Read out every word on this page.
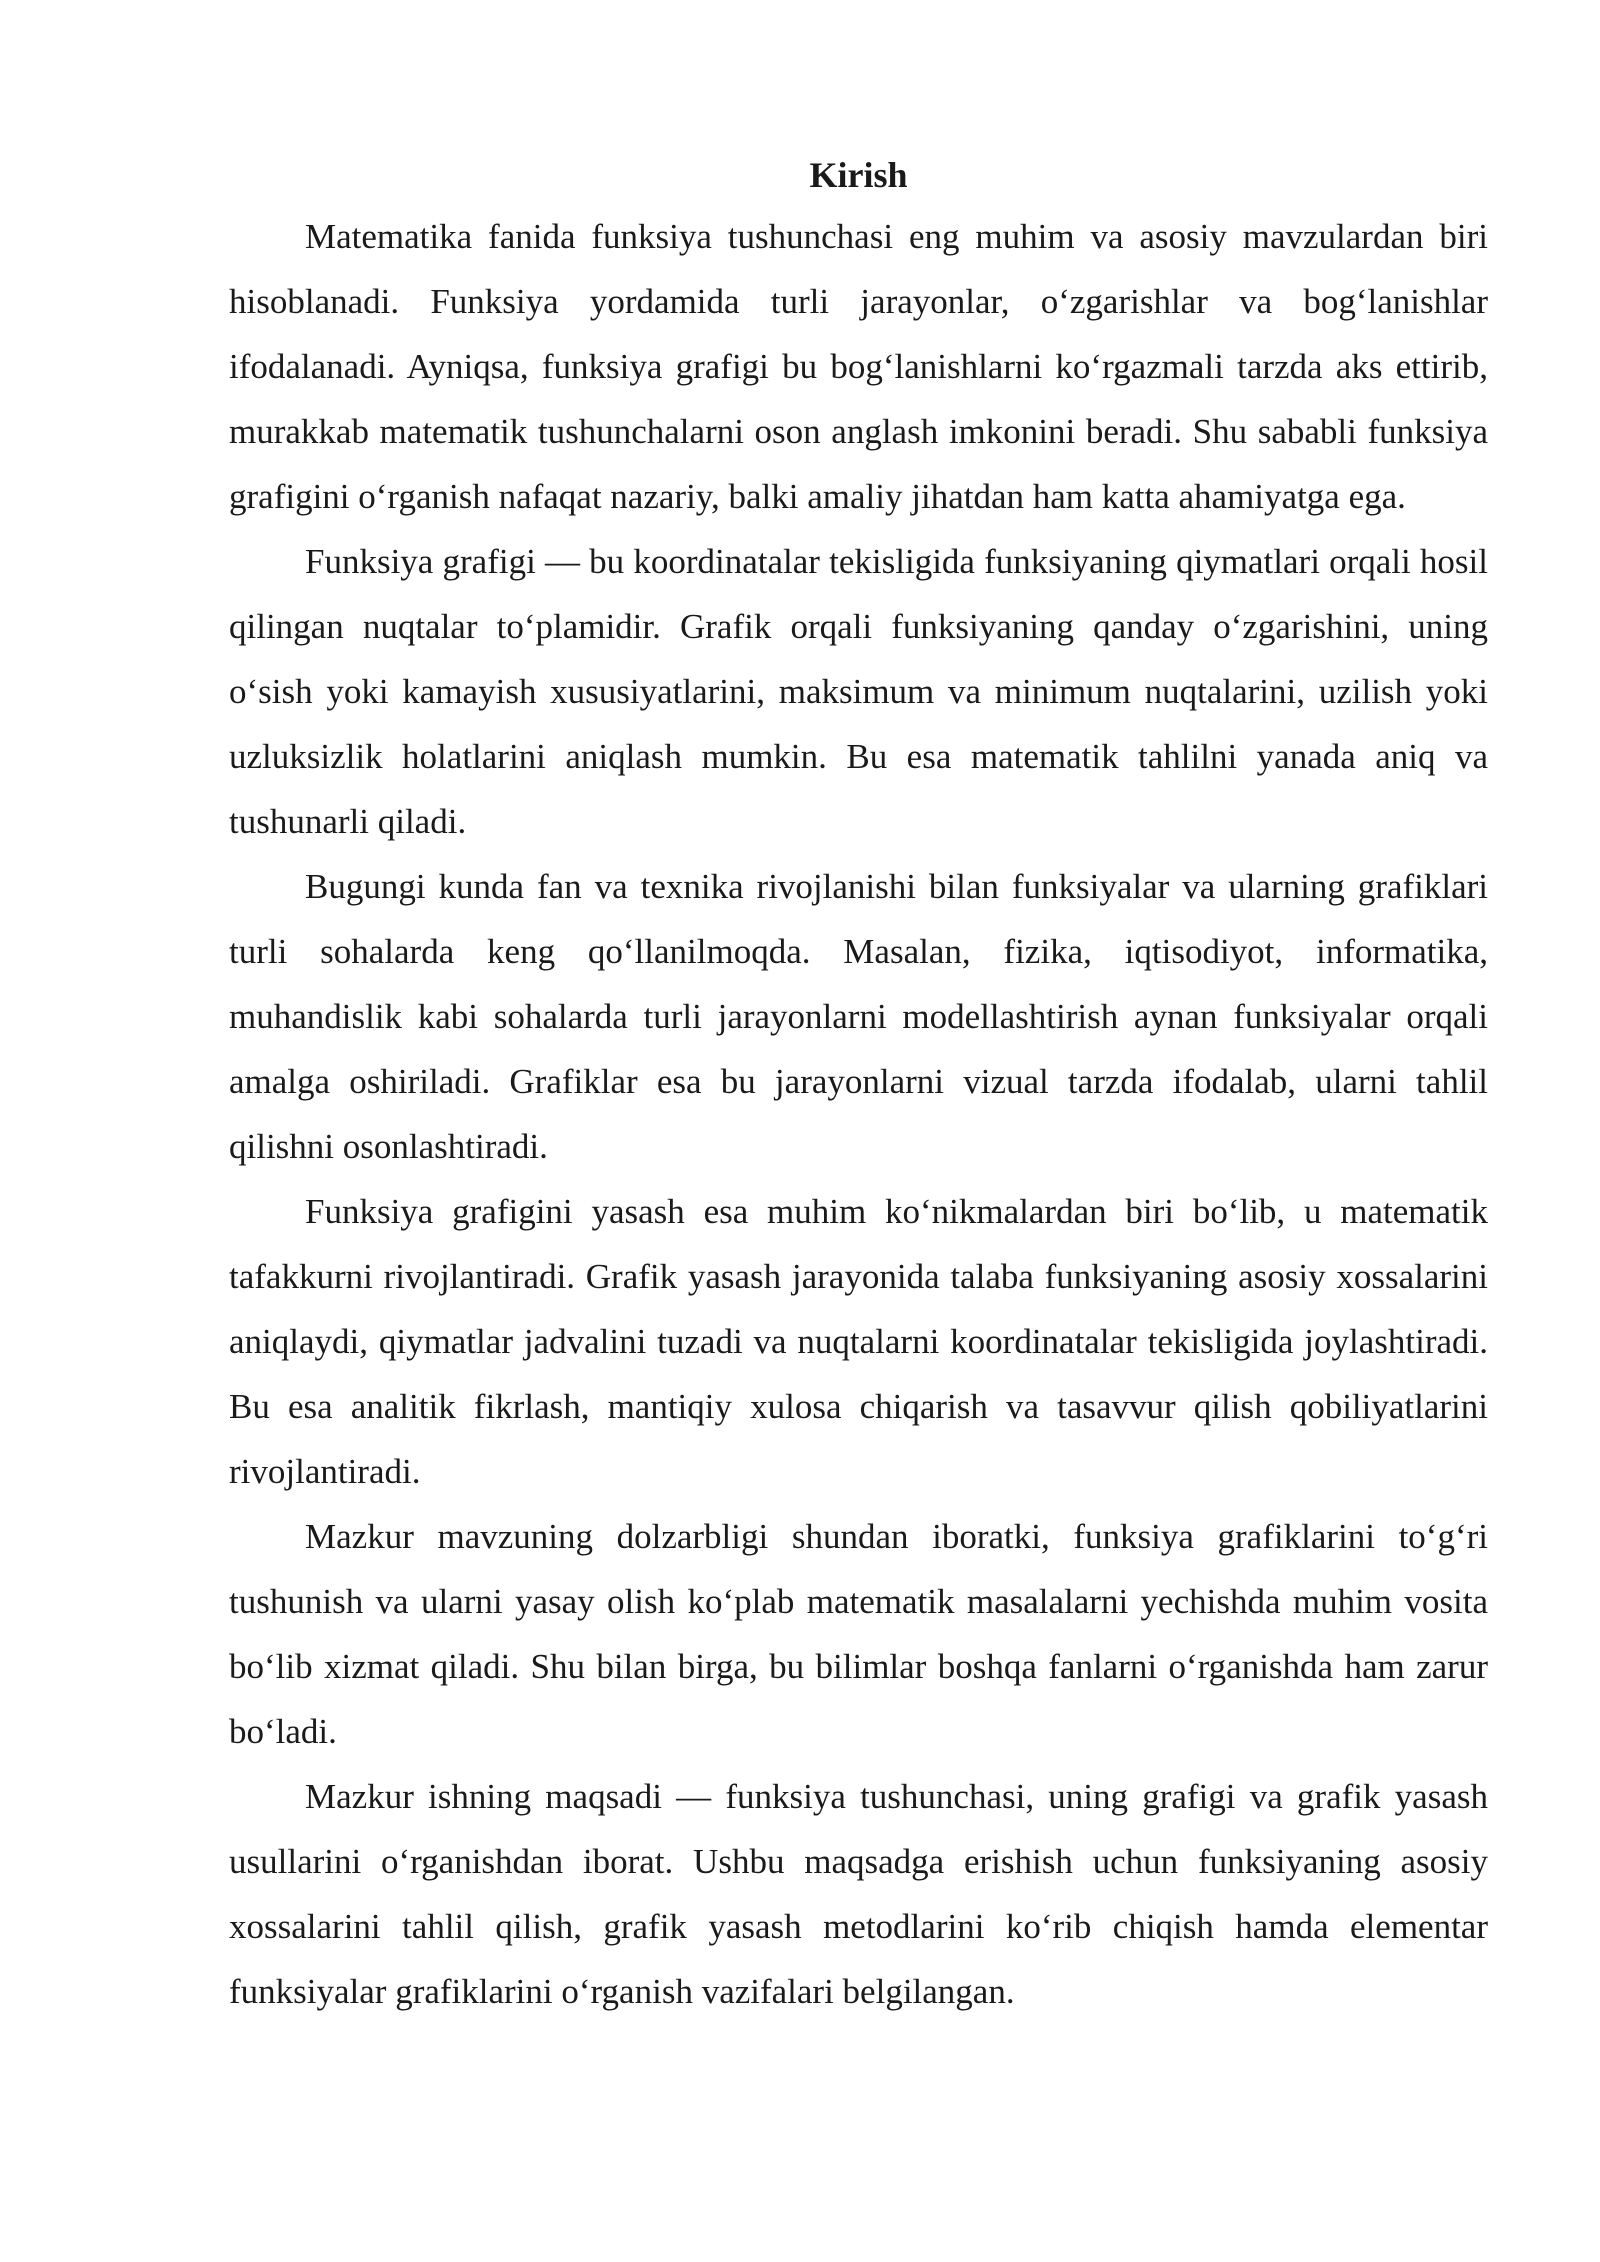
Kirish

Matematika fanida funksiya tushunchasi eng muhim va asosiy mavzulardan biri hisoblanadi. Funksiya yordamida turli jarayonlar, o‘zgarishlar va bog‘lanishlar ifodalanadi. Ayniqsa, funksiya grafigi bu bog‘lanishlarni ko‘rgazmali tarzda aks ettirib, murakkab matematik tushunchalarni oson anglash imkonini beradi. Shu sababli funksiya grafigini o‘rganish nafaqat nazariy, balki amaliy jihatdan ham katta ahamiyatga ega.

Funksiya grafigi — bu koordinatalar tekisligida funksiyaning qiymatlari orqali hosil qilingan nuqtalar to‘plamidir. Grafik orqali funksiyaning qanday o‘zgarishini, uning o‘sish yoki kamayish xususiyatlarini, maksimum va minimum nuqtalarini, uzilish yoki uzluksizlik holatlarini aniqlash mumkin. Bu esa matematik tahlilni yanada aniq va tushunarli qiladi.

Bugungi kunda fan va texnika rivojlanishi bilan funksiyalar va ularning grafiklari turli sohalarda keng qo‘llanilmoqda. Masalan, fizika, iqtisodiyot, informatika, muhandislik kabi sohalarda turli jarayonlarni modellashtirish aynan funksiyalar orqali amalga oshiriladi. Grafiklar esa bu jarayonlarni vizual tarzda ifodalab, ularni tahlil qilishni osonlashtiradi.

Funksiya grafigini yasash esa muhim ko‘nikmalardan biri bo‘lib, u matematik tafakkurni rivojlantiradi. Grafik yasash jarayonida talaba funksiyaning asosiy xossalarini aniqlaydi, qiymatlar jadvalini tuzadi va nuqtalarni koordinatalar tekisligida joylashtiradi. Bu esa analitik fikrlash, mantiqiy xulosa chiqarish va tasavvur qilish qobiliyatlarini rivojlantiradi.

Mazkur mavzuning dolzarbligi shundan iboratki, funksiya grafiklarini to‘g‘ri tushunish va ularni yasay olish ko‘plab matematik masalalarni yechishda muhim vosita bo‘lib xizmat qiladi. Shu bilan birga, bu bilimlar boshqa fanlarni o‘rganishda ham zarur bo‘ladi.

Mazkur ishning maqsadi — funksiya tushunchasi, uning grafigi va grafik yasash usullarini o‘rganishdan iborat. Ushbu maqsadga erishish uchun funksiyaning asosiy xossalarini tahlil qilish, grafik yasash metodlarini ko‘rib chiqish hamda elementar funksiyalar grafiklarini o‘rganish vazifalari belgilangan.
